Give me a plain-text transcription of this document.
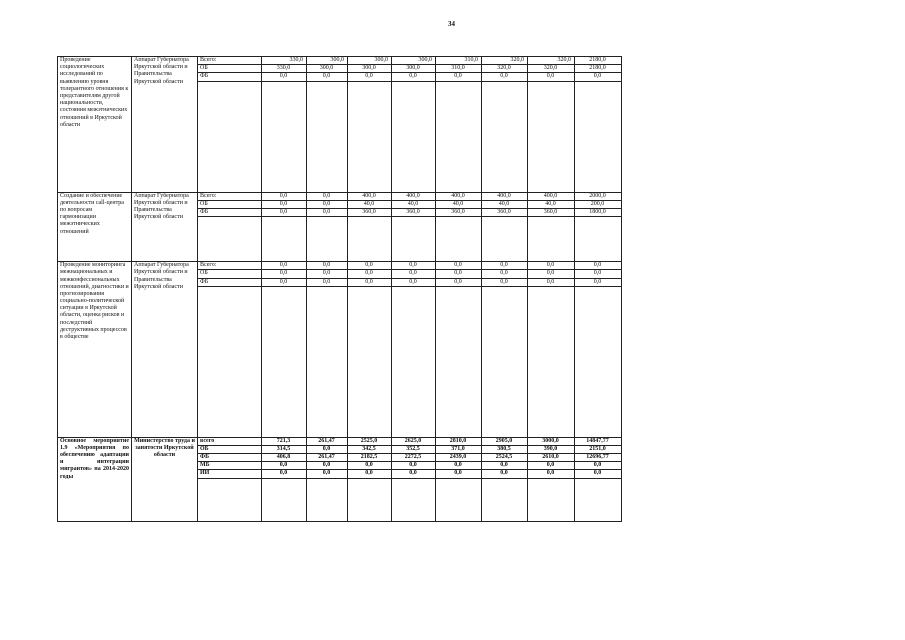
34
Проведение социологических исследований по выявлению уровня толерантного отношения к представителям другой национальности, состояния межэтнических отношений в Иркутской области	Аппарат Губернатора Иркутской области и Правительства Иркутской области	Всего:	330,0	300,0	300,0	300,0	310,0	320,0	320,0	2180,0
		ОБ	330,0	300,0	300,0	300,0	310,0	320,0	320,0	2180,0
		ФБ	0,0	0,0	0,0	0,0	0,0	0,0	0,0	0,0

Создание и обеспечение деятельности call-центра по вопросам гармонизации межэтнических отношений	Аппарат Губернатора Иркутской области и Правительства Иркутской области	Всего:	0,0	0,0	400,0	400,0	400,0	400,0	400,0	2000,0
		ОБ	0,0	0,0	40,0	40,0	40,0	40,0	40,0	200,0
		ФБ	0,0	0,0	360,0	360,0	360,0	360,0	360,0	1800,0

Проведение мониторинга межнациональных и межконфессиональных отношений, диагностики и прогнозирования социально-политической ситуации в Иркутской области, оценка рисков и последствий деструктивных процессов в обществе	Аппарат Губернатора Иркутской области и Правительства Иркутской области	Всего:	0,0	0,0	0,0	0,0	0,0	0,0	0,0	0,0
		ОБ	0,0	0,0	0,0	0,0	0,0	0,0	0,0	0,0
		ФБ	0,0	0,0	0,0	0,0	0,0	0,0	0,0	0,0

Основное мероприятие 1.9 «Мероприятия по обеспечению адаптации и интеграции мигрантов» на 2014-2020 годы	Министерство труда и занятости Иркутской области	всего	721,3	261,47	2525,0	2625,0	2810,0	2905,0	3000,0	14847,77
		ОБ	314,5	0,0	342,5	352,5	371,0	380,5	390,0	2151,0
		ФБ	406,8	261,47	2182,5	2272,5	2439,0	2524,5	2610,0	12696,77
		МБ	0,0	0,0	0,0	0,0	0,0	0,0	0,0	0,0
		ИИ	0,0	0,0	0,0	0,0	0,0	0,0	0,0	0,0
